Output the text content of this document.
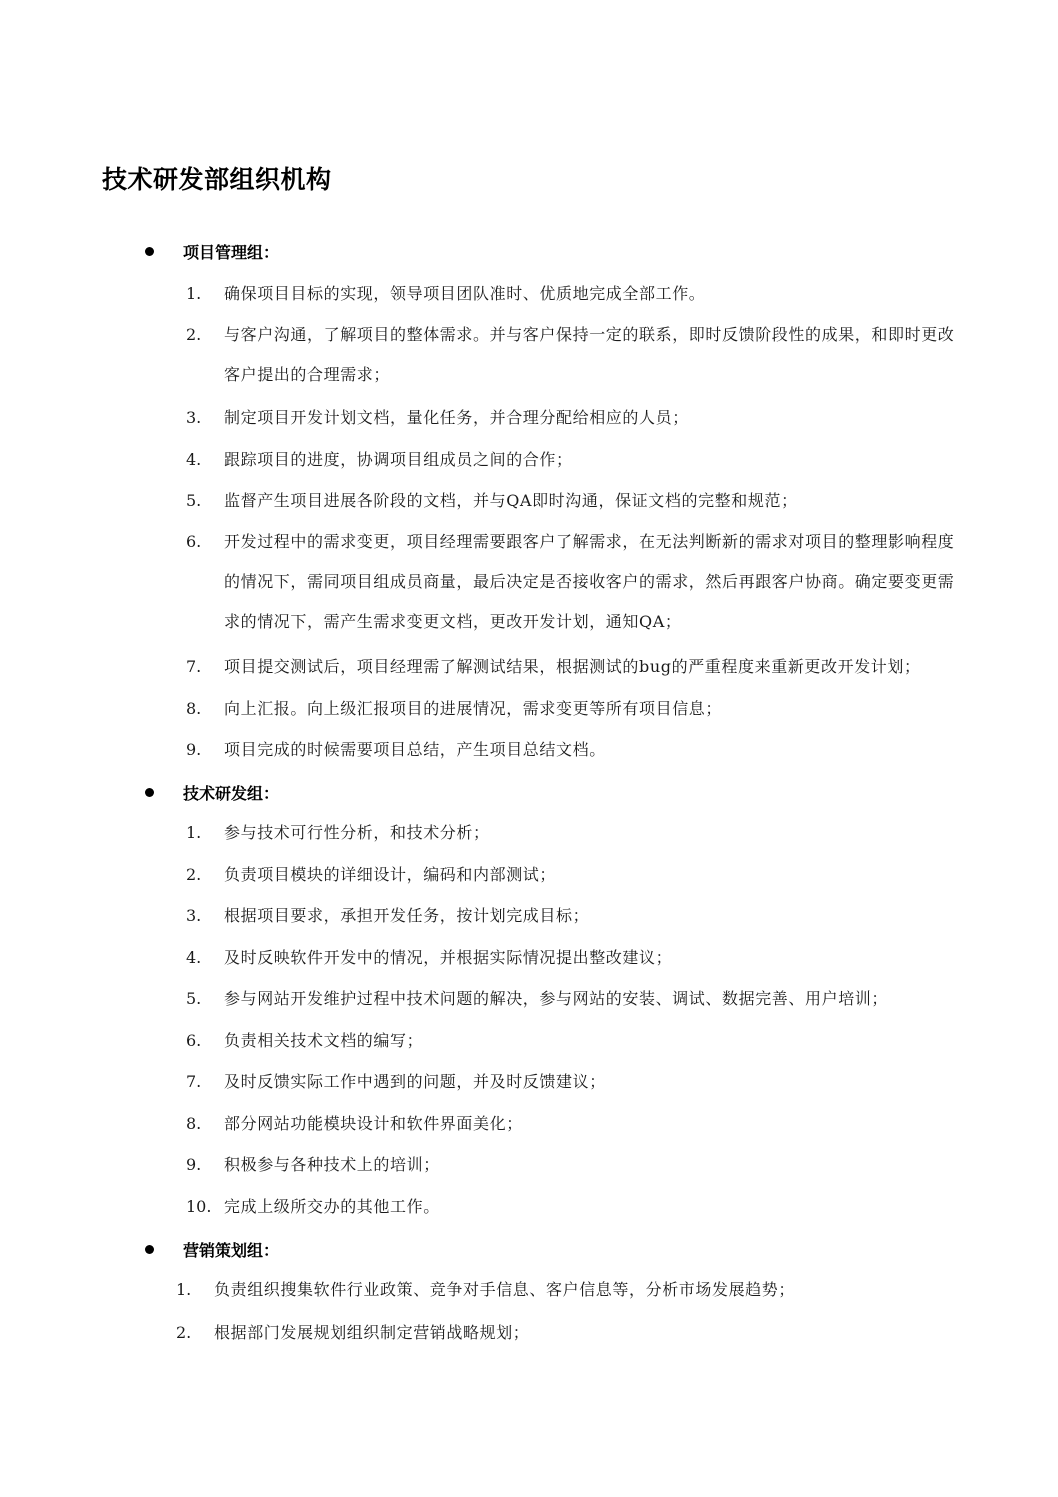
技术研发部组织机构
项目管理组：
1.	确保项目目标的实现，领导项目团队准时、优质地完成全部工作。
2.	与客户沟通，了解项目的整体需求。并与客户保持一定的联系，即时反馈阶段性的成果，和即时更改客户提出的合理需求；
3.	制定项目开发计划文档，量化任务，并合理分配给相应的人员；
4.	跟踪项目的进度，协调项目组成员之间的合作；
5.	监督产生项目进展各阶段的文档，并与QA即时沟通，保证文档的完整和规范；
6.	开发过程中的需求变更，项目经理需要跟客户了解需求，在无法判断新的需求对项目的整理影响程度的情况下，需同项目组成员商量，最后决定是否接收客户的需求，然后再跟客户协商。确定要变更需求的情况下，需产生需求变更文档，更改开发计划，通知QA；
7.	项目提交测试后，项目经理需了解测试结果，根据测试的bug的严重程度来重新更改开发计划；
8.	向上汇报。向上级汇报项目的进展情况，需求变更等所有项目信息；
9.	项目完成的时候需要项目总结，产生项目总结文档。
技术研发组：
1.	参与技术可行性分析，和技术分析；
2.	负责项目模块的详细设计，编码和内部测试；
3.	根据项目要求，承担开发任务，按计划完成目标；
4.	及时反映软件开发中的情况，并根据实际情况提出整改建议；
5.	参与网站开发维护过程中技术问题的解决，参与网站的安装、调试、数据完善、用户培训；
6.	负责相关技术文档的编写；
7.	及时反馈实际工作中遇到的问题，并及时反馈建议；
8.	部分网站功能模块设计和软件界面美化；
9.	积极参与各种技术上的培训；
10. 完成上级所交办的其他工作。
营销策划组：
1.	负责组织搜集软件行业政策、竞争对手信息、客户信息等，分析市场发展趋势；
2.	根据部门发展规划组织制定营销战略规划；
